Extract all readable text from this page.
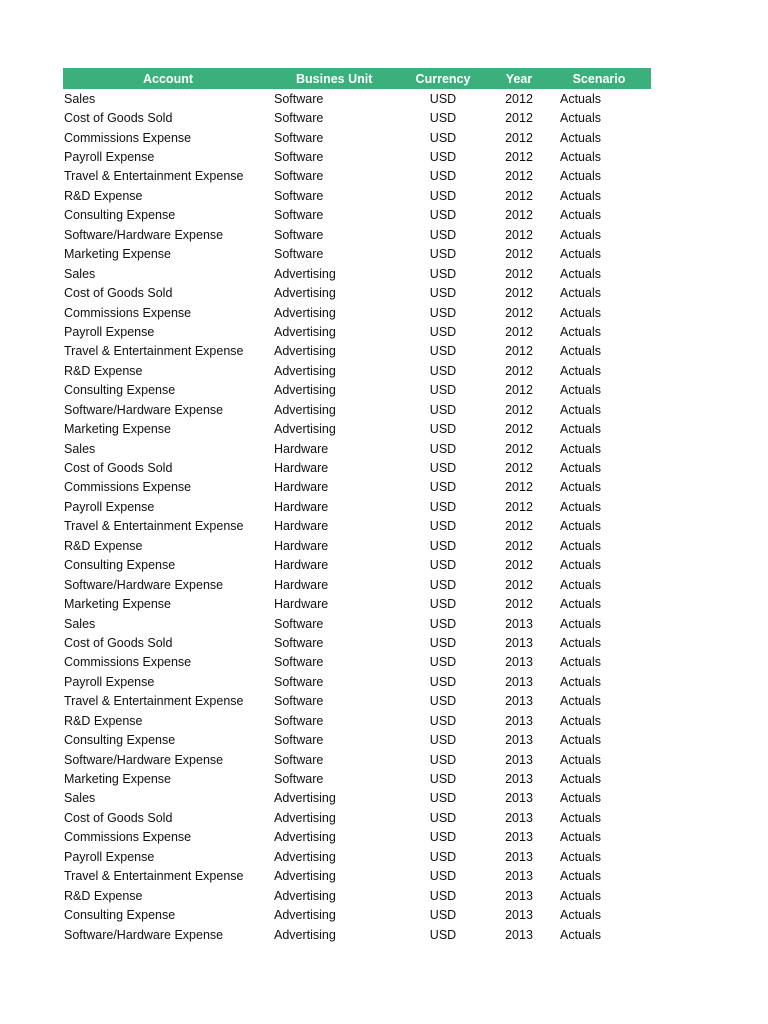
Account	Busines Unit	Currency	Year	Scenario
Sales	Software	USD	2012	Actuals
Cost of Goods Sold	Software	USD	2012	Actuals
Commissions Expense	Software	USD	2012	Actuals
Payroll Expense	Software	USD	2012	Actuals
Travel & Entertainment Expense	Software	USD	2012	Actuals
R&D Expense	Software	USD	2012	Actuals
Consulting Expense	Software	USD	2012	Actuals
Software/Hardware Expense	Software	USD	2012	Actuals
Marketing Expense	Software	USD	2012	Actuals
Sales	Advertising	USD	2012	Actuals
Cost of Goods Sold	Advertising	USD	2012	Actuals
Commissions Expense	Advertising	USD	2012	Actuals
Payroll Expense	Advertising	USD	2012	Actuals
Travel & Entertainment Expense	Advertising	USD	2012	Actuals
R&D Expense	Advertising	USD	2012	Actuals
Consulting Expense	Advertising	USD	2012	Actuals
Software/Hardware Expense	Advertising	USD	2012	Actuals
Marketing Expense	Advertising	USD	2012	Actuals
Sales	Hardware	USD	2012	Actuals
Cost of Goods Sold	Hardware	USD	2012	Actuals
Commissions Expense	Hardware	USD	2012	Actuals
Payroll Expense	Hardware	USD	2012	Actuals
Travel & Entertainment Expense	Hardware	USD	2012	Actuals
R&D Expense	Hardware	USD	2012	Actuals
Consulting Expense	Hardware	USD	2012	Actuals
Software/Hardware Expense	Hardware	USD	2012	Actuals
Marketing Expense	Hardware	USD	2012	Actuals
Sales	Software	USD	2013	Actuals
Cost of Goods Sold	Software	USD	2013	Actuals
Commissions Expense	Software	USD	2013	Actuals
Payroll Expense	Software	USD	2013	Actuals
Travel & Entertainment Expense	Software	USD	2013	Actuals
R&D Expense	Software	USD	2013	Actuals
Consulting Expense	Software	USD	2013	Actuals
Software/Hardware Expense	Software	USD	2013	Actuals
Marketing Expense	Software	USD	2013	Actuals
Sales	Advertising	USD	2013	Actuals
Cost of Goods Sold	Advertising	USD	2013	Actuals
Commissions Expense	Advertising	USD	2013	Actuals
Payroll Expense	Advertising	USD	2013	Actuals
Travel & Entertainment Expense	Advertising	USD	2013	Actuals
R&D Expense	Advertising	USD	2013	Actuals
Consulting Expense	Advertising	USD	2013	Actuals
Software/Hardware Expense	Advertising	USD	2013	Actuals
